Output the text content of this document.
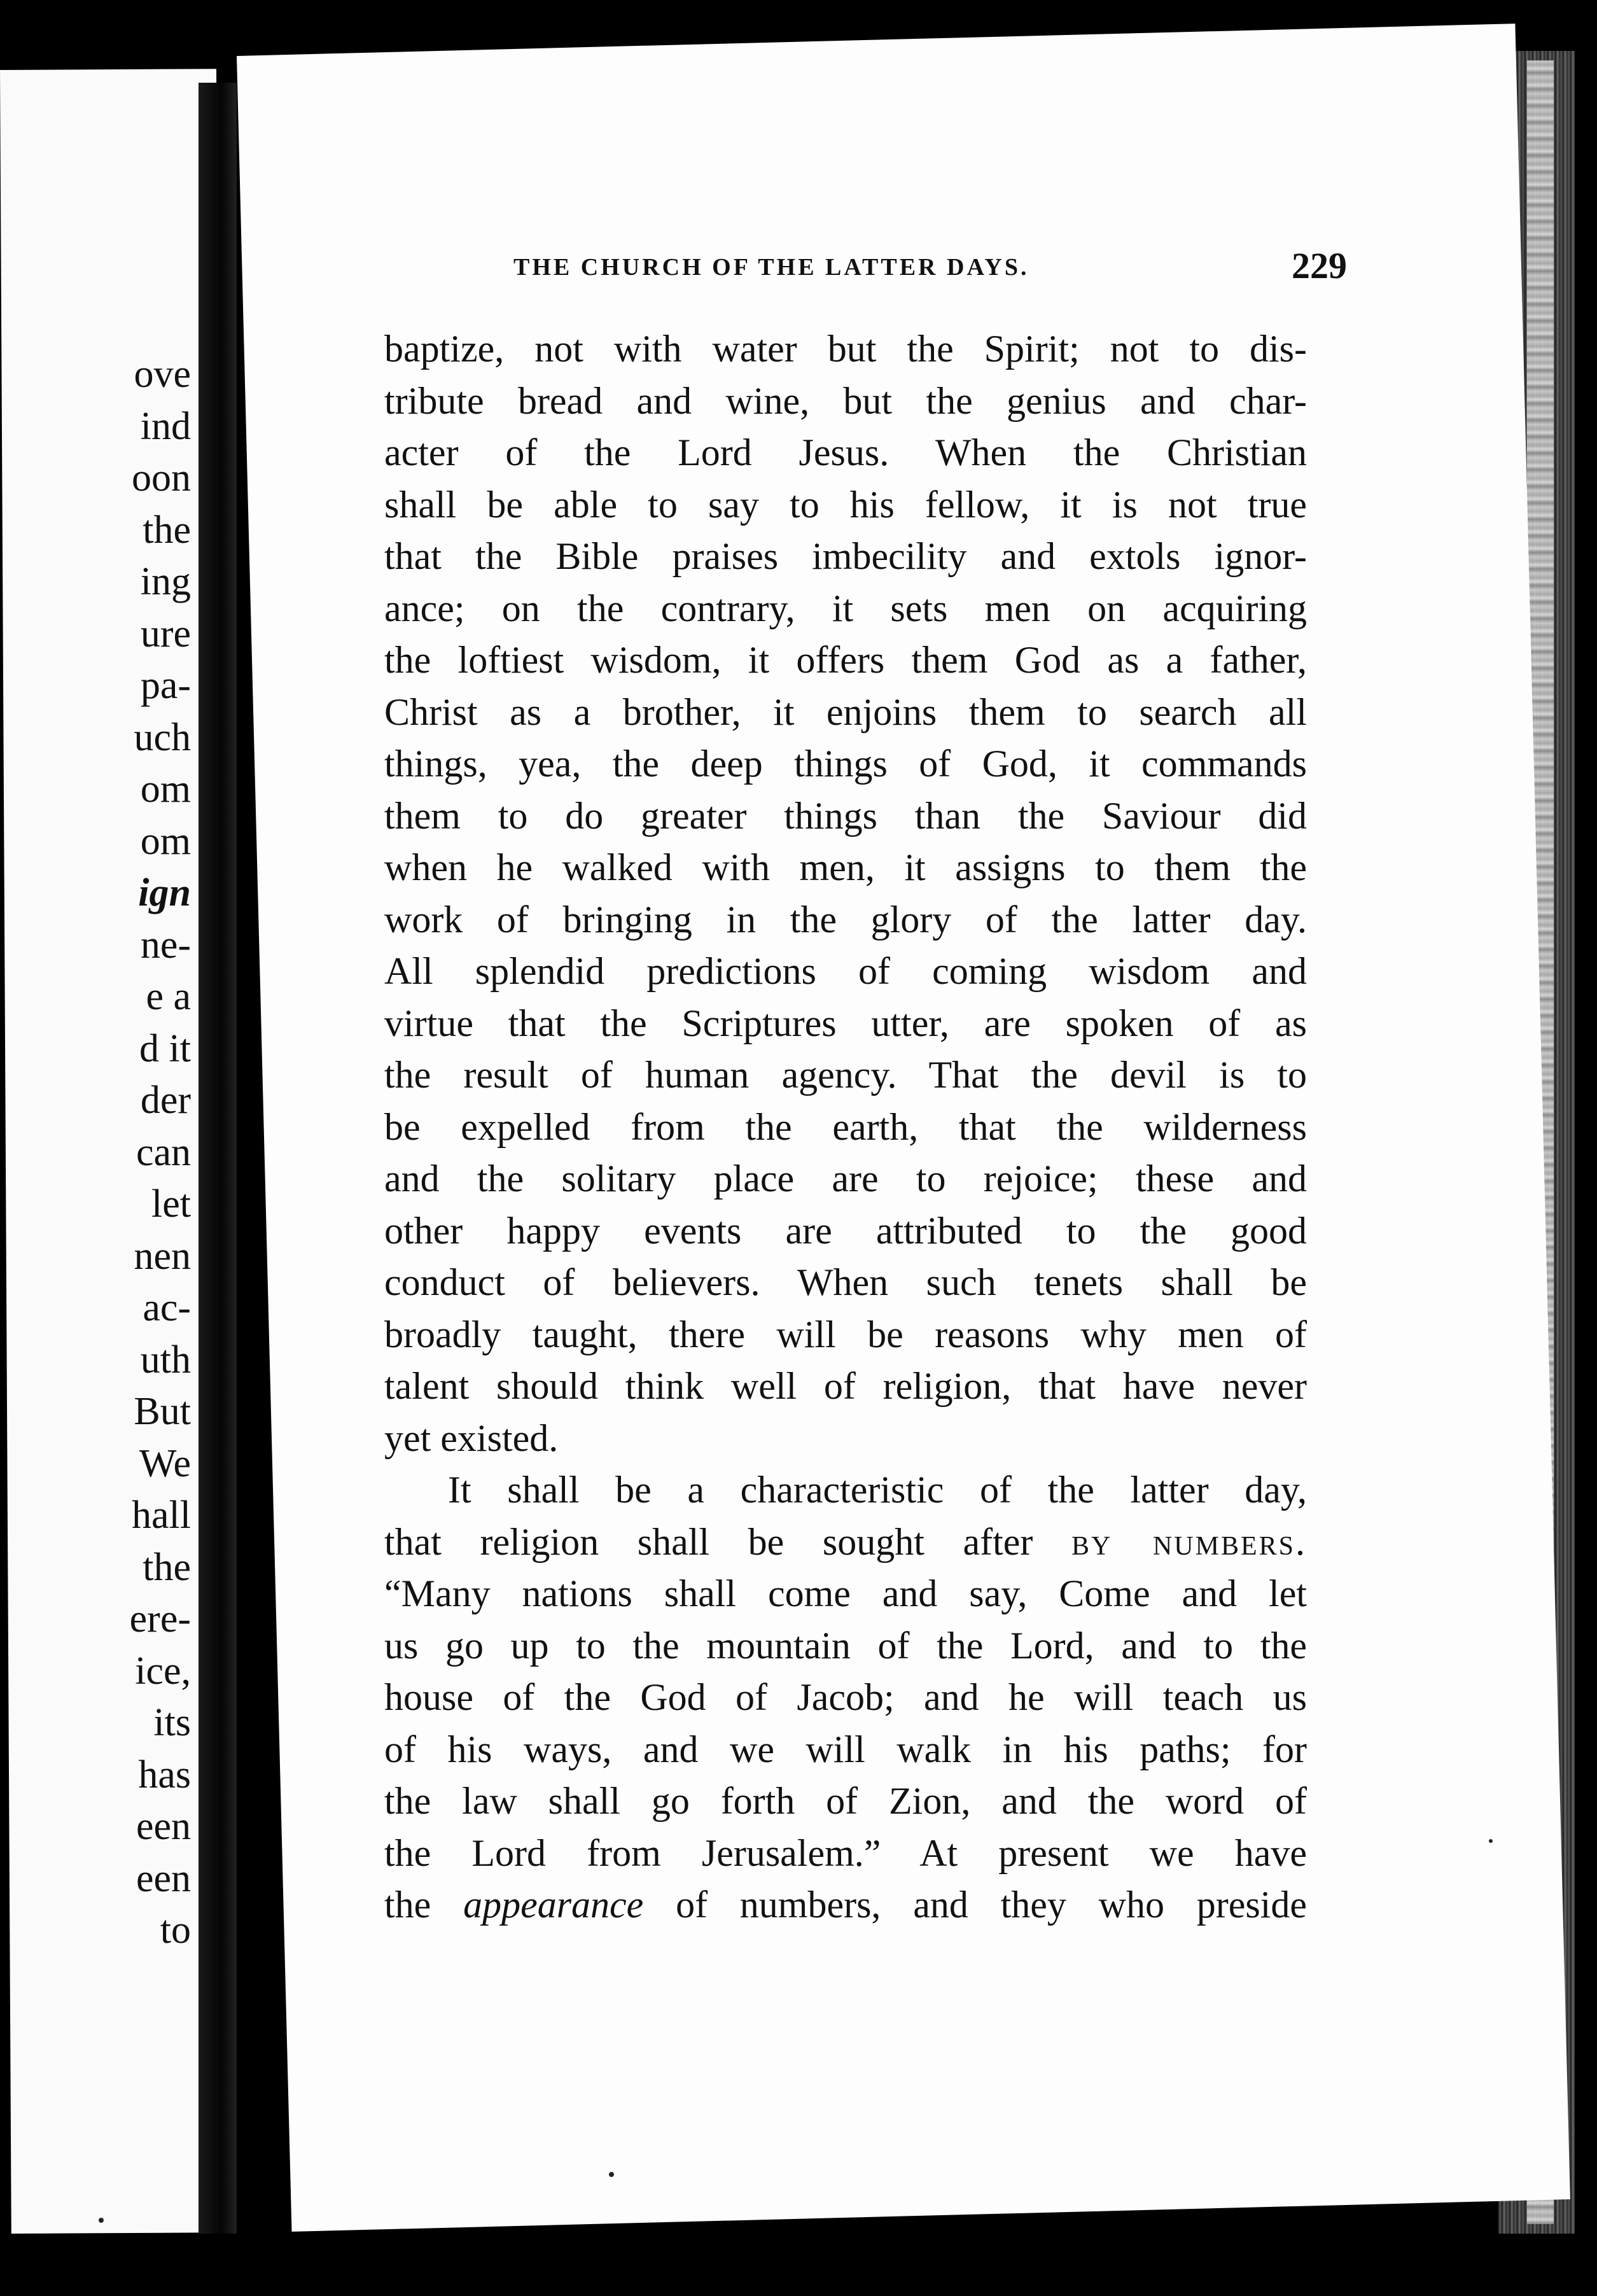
ove
ind
oon
the
ing
ure
pa-
uch
om
om
ign
ne-
e a
d it
der
can
let
nen
ac-
uth
But
We
hall
the
ere-
ice,
its
has
een
een
to
THE CHURCH OF THE LATTER DAYS.	229
baptize, not with water but the Spirit; not to dis-
tribute bread and wine, but the genius and char-
acter of the Lord Jesus. When the Christian
shall be able to say to his fellow, it is not true
that the Bible praises imbecility and extols ignor-
ance; on the contrary, it sets men on acquiring
the loftiest wisdom, it offers them God as a father,
Christ as a brother, it enjoins them to search all
things, yea, the deep things of God, it commands
them to do greater things than the Saviour did
when he walked with men, it assigns to them the
work of bringing in the glory of the latter day.
All splendid predictions of coming wisdom and
virtue that the Scriptures utter, are spoken of as
the result of human agency. That the devil is to
be expelled from the earth, that the wilderness
and the solitary place are to rejoice; these and
other happy events are attributed to the good
conduct of believers. When such tenets shall be
broadly taught, there will be reasons why men of
talent should think well of religion, that have never
yet existed.
It shall be a characteristic of the latter day,
that religion shall be sought after by numbers.
“Many nations shall come and say, Come and let
us go up to the mountain of the Lord, and to the
house of the God of Jacob; and he will teach us
of his ways, and we will walk in his paths; for
the law shall go forth of Zion, and the word of
the Lord from Jerusalem.” At present we have
the appearance of numbers, and they who preside
